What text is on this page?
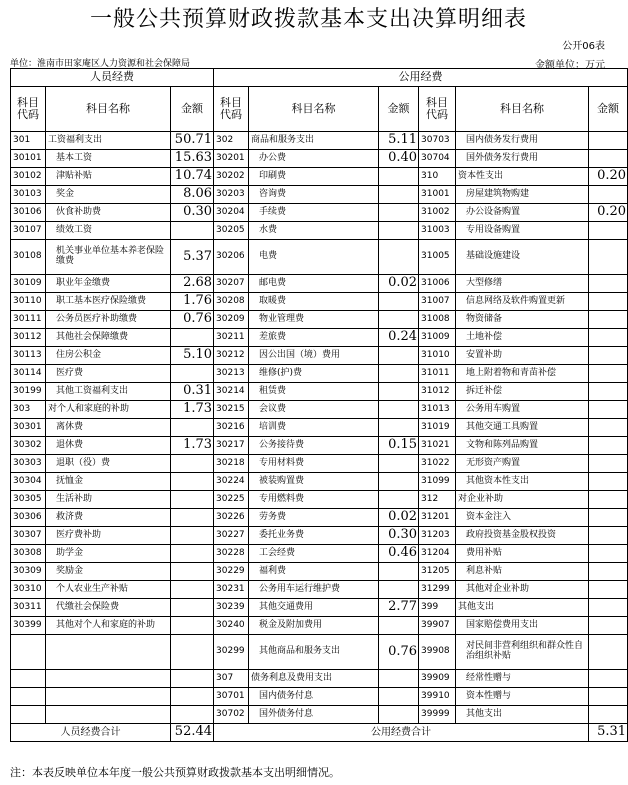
一般公共预算财政拨款基本支出决算明细表
公开06表
单位：淮南市田家庵区人力资源和社会保障局	金额单位：万元
人员经费			公用经费					
科目代码	科目名称	金额	科目代码	科目名称	金额	科目代码	科目名称	金额
301	工资福利支出	50.71	302	商品和服务支出	5.11	30703	国内债务发行费用	
30101	基本工资	15.63	30201	办公费	0.40	30704	国外债务发行费用	
30102	津贴补贴	10.74	30202	印刷费		310	资本性支出	0.20
30103	奖金	8.06	30203	咨询费		31001	房屋建筑物购建	
30106	伙食补助费	0.30	30204	手续费		31002	办公设备购置	0.20
30107	绩效工资		30205	水费		31003	专用设备购置	
30108	机关事业单位基本养老保险缴费	5.37	30206	电费		31005	基础设施建设	
30109	职业年金缴费	2.68	30207	邮电费	0.02	31006	大型修缮	
30110	职工基本医疗保险缴费	1.76	30208	取暖费		31007	信息网络及软件购置更新	
30111	公务员医疗补助缴费	0.76	30209	物业管理费		31008	物资储备	
30112	其他社会保障缴费		30211	差旅费	0.24	31009	土地补偿	
30113	住房公积金	5.10	30212	因公出国（境）费用		31010	安置补助	
30114	医疗费		30213	维修(护)费		31011	地上附着物和青苗补偿	
30199	其他工资福利支出	0.31	30214	租赁费		31012	拆迁补偿	
303	对个人和家庭的补助	1.73	30215	会议费		31013	公务用车购置	
30301	离休费		30216	培训费		31019	其他交通工具购置	
30302	退休费	1.73	30217	公务接待费	0.15	31021	文物和陈列品购置	
30303	退职（役）费		30218	专用材料费		31022	无形资产购置	
30304	抚恤金		30224	被装购置费		31099	其他资本性支出	
30305	生活补助		30225	专用燃料费		312	对企业补助	
30306	救济费		30226	劳务费	0.02	31201	资本金注入	
30307	医疗费补助		30227	委托业务费	0.30	31203	政府投资基金股权投资	
30308	助学金		30228	工会经费	0.46	31204	费用补贴	
30309	奖励金		30229	福利费		31205	利息补贴	
30310	个人农业生产补贴		30231	公务用车运行维护费		31299	其他对企业补助	
30311	代缴社会保险费		30239	其他交通费用	2.77	399	其他支出	
30399	其他对个人和家庭的补助		30240	税金及附加费用		39907	国家赔偿费用支出	
			30299	其他商品和服务支出	0.76	39908	对民间非营利组织和群众性自治组织补贴	
			307	债务利息及费用支出		39909	经常性赠与	
			30701	国内债务付息		39910	资本性赠与	
			30702	国外债务付息		39999	其他支出	
人员经费合计		52.44	公用经费合计					5.31
注：本表反映单位本年度一般公共预算财政拨款基本支出明细情况。
